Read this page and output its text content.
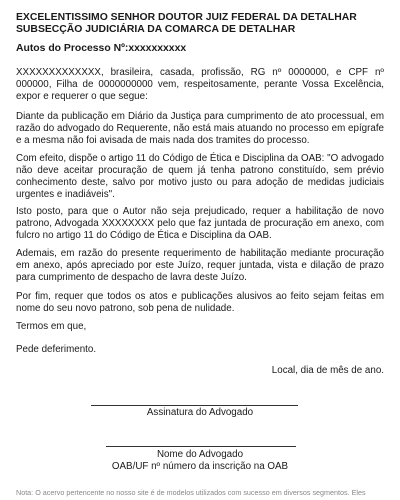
EXCELENTISSIMO SENHOR DOUTOR JUIZ FEDERAL DA DETALHAR
SUBSECÇÃO JUDICIÁRIA DA COMARCA DE DETALHAR
Autos do Processo Nº:xxxxxxxxxx

XXXXXXXXXXXXX, brasileira, casada, profissão, RG nº 0000000, e CPF nº 000000, Filha de 0000000000 vem, respeitosamente, perante Vossa Excelência, expor e requerer o que segue:

Diante da publicação em Diário da Justiça para cumprimento de ato processual, em razão do advogado do Requerente, não está mais atuando no processo em epígrafe e a mesma não foi avisada de mais nada dos tramites do processo.

Com efeito, dispõe o artigo 11 do Código de Ética e Disciplina da OAB: "O advogado não deve aceitar procuração de quem já tenha patrono constituído, sem prévio conhecimento deste, salvo por motivo justo ou para adoção de medidas judiciais urgentes e inadiáveis".

Isto posto, para que o Autor não seja prejudicado, requer a habilitação de novo patrono, Advogada XXXXXXXX pelo que faz juntada de procuração em anexo, com fulcro no artigo 11 do Código de Ética e Disciplina da OAB.

Ademais, em razão do presente requerimento de habilitação mediante procuração em anexo, após apreciado por este Juízo, requer juntada, vista e dilação de prazo para cumprimento de despacho de lavra deste Juízo.

Por fim, requer que todos os atos e publicações alusivos ao feito sejam feitas em nome do seu novo patrono, sob pena de nulidade.

Termos em que,
Pede deferimento.
Local, dia de mês de ano.
Assinatura do Advogado
Nome do Advogado
OAB/UF nº número da inscrição na OAB
Nota: O acervo pertencente no nosso site é de modelos utilizados com sucesso em diversos segmentos. Eles
